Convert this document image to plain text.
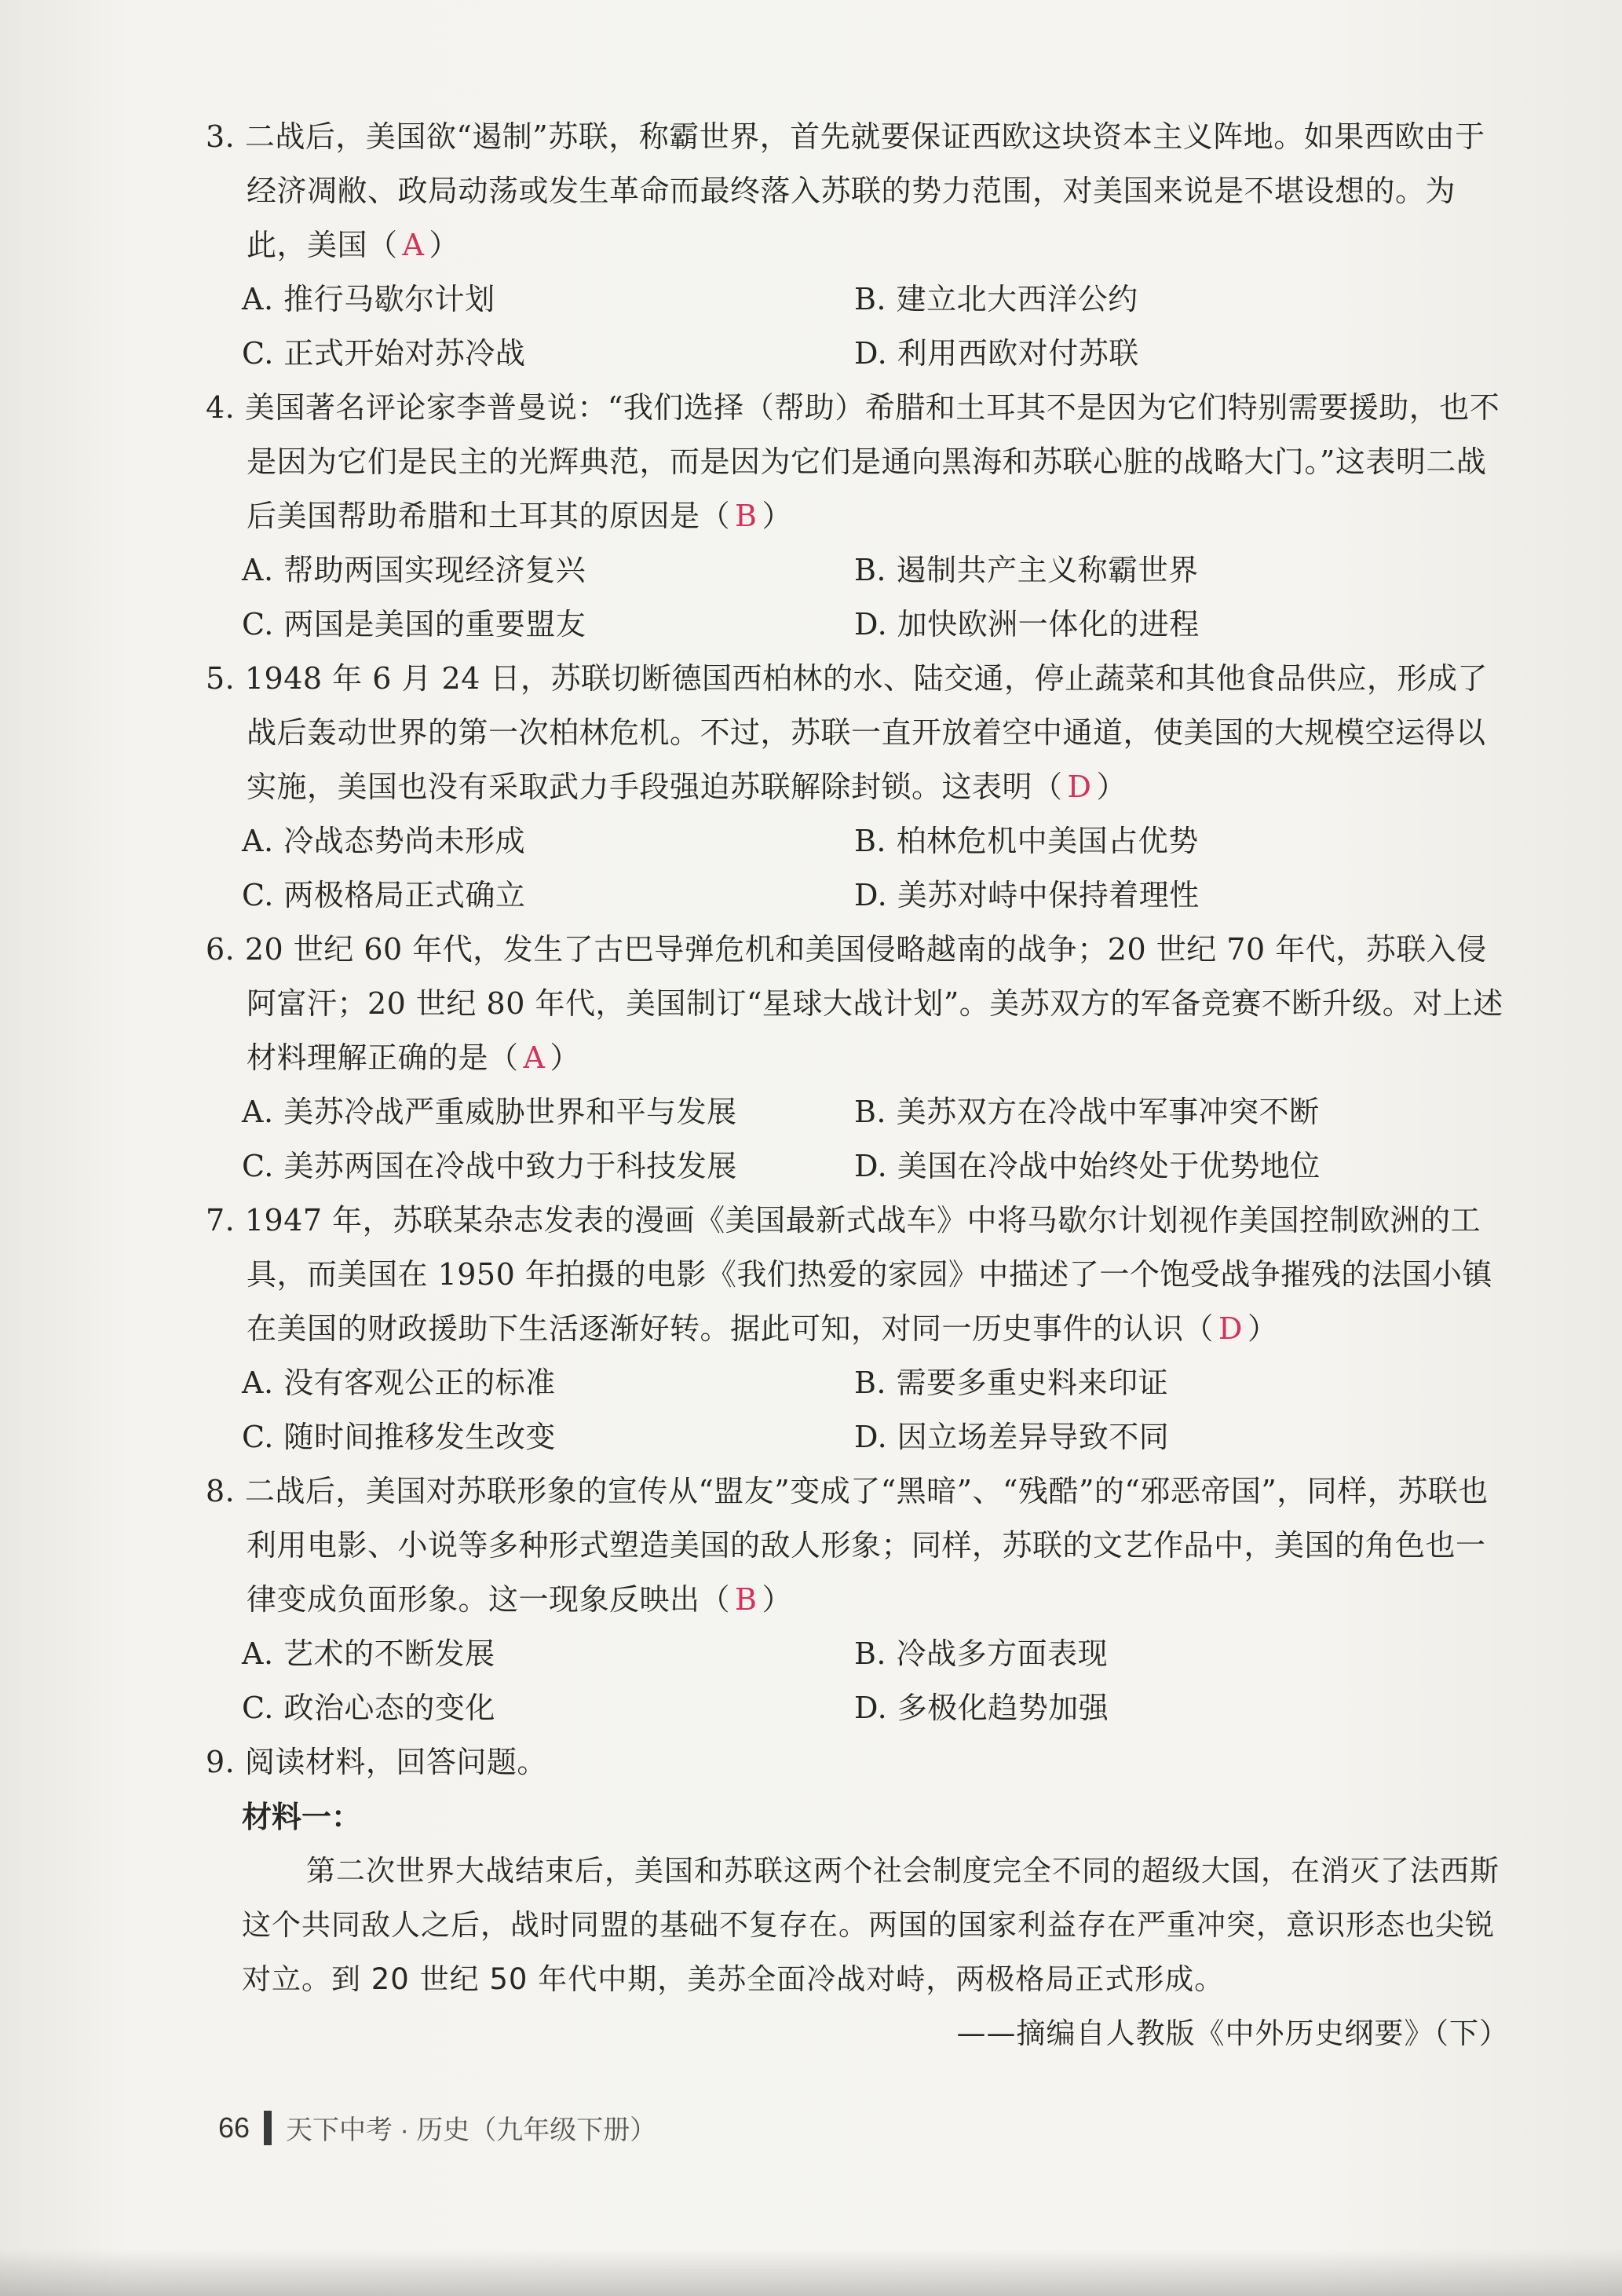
3. 二战后，美国欲“遏制”苏联，称霸世界，首先就要保证西欧这块资本主义阵地。如果西欧由于经济凋敝、政局动荡或发生革命而最终落入苏联的势力范围，对美国来说是不堪设想的。为此，美国（ A ）
A. 推行马歇尔计划	B. 建立北大西洋公约
C. 正式开始对苏冷战	D. 利用西欧对付苏联
4. 美国著名评论家李普曼说：“我们选择（帮助）希腊和土耳其不是因为它们特别需要援助，也不是因为它们是民主的光辉典范，而是因为它们是通向黑海和苏联心脏的战略大门。”这表明二战后美国帮助希腊和土耳其的原因是（ B ）
A. 帮助两国实现经济复兴	B. 遏制共产主义称霸世界
C. 两国是美国的重要盟友	D. 加快欧洲一体化的进程
5. 1948 年 6 月 24 日，苏联切断德国西柏林的水、陆交通，停止蔬菜和其他食品供应，形成了战后轰动世界的第一次柏林危机。不过，苏联一直开放着空中通道，使美国的大规模空运得以实施，美国也没有采取武力手段强迫苏联解除封锁。这表明（ D ）
A. 冷战态势尚未形成	B. 柏林危机中美国占优势
C. 两极格局正式确立	D. 美苏对峙中保持着理性
6. 20 世纪 60 年代，发生了古巴导弹危机和美国侵略越南的战争；20 世纪 70 年代，苏联入侵阿富汗；20 世纪 80 年代，美国制订“星球大战计划”。美苏双方的军备竞赛不断升级。对上述材料理解正确的是（ A ）
A. 美苏冷战严重威胁世界和平与发展	B. 美苏双方在冷战中军事冲突不断
C. 美苏两国在冷战中致力于科技发展	D. 美国在冷战中始终处于优势地位
7. 1947 年，苏联某杂志发表的漫画《美国最新式战车》中将马歇尔计划视作美国控制欧洲的工具，而美国在 1950 年拍摄的电影《我们热爱的家园》中描述了一个饱受战争摧残的法国小镇在美国的财政援助下生活逐渐好转。据此可知，对同一历史事件的认识（ D ）
A. 没有客观公正的标准	B. 需要多重史料来印证
C. 随时间推移发生改变	D. 因立场差异导致不同
8. 二战后，美国对苏联形象的宣传从“盟友”变成了“黑暗”、“残酷”的“邪恶帝国”，同样，苏联也利用电影、小说等多种形式塑造美国的敌人形象；同样，苏联的文艺作品中，美国的角色也一律变成负面形象。这一现象反映出（ B ）
A. 艺术的不断发展	B. 冷战多方面表现
C. 政治心态的变化	D. 多极化趋势加强
9. 阅读材料，回答问题。
材料一：
第二次世界大战结束后，美国和苏联这两个社会制度完全不同的超级大国，在消灭了法西斯这个共同敌人之后，战时同盟的基础不复存在。两国的国家利益存在严重冲突，意识形态也尖锐对立。到 20 世纪 50 年代中期，美苏全面冷战对峙，两极格局正式形成。
——摘编自人教版《中外历史纲要》（下）
66 天下中考 · 历史（九年级下册）
